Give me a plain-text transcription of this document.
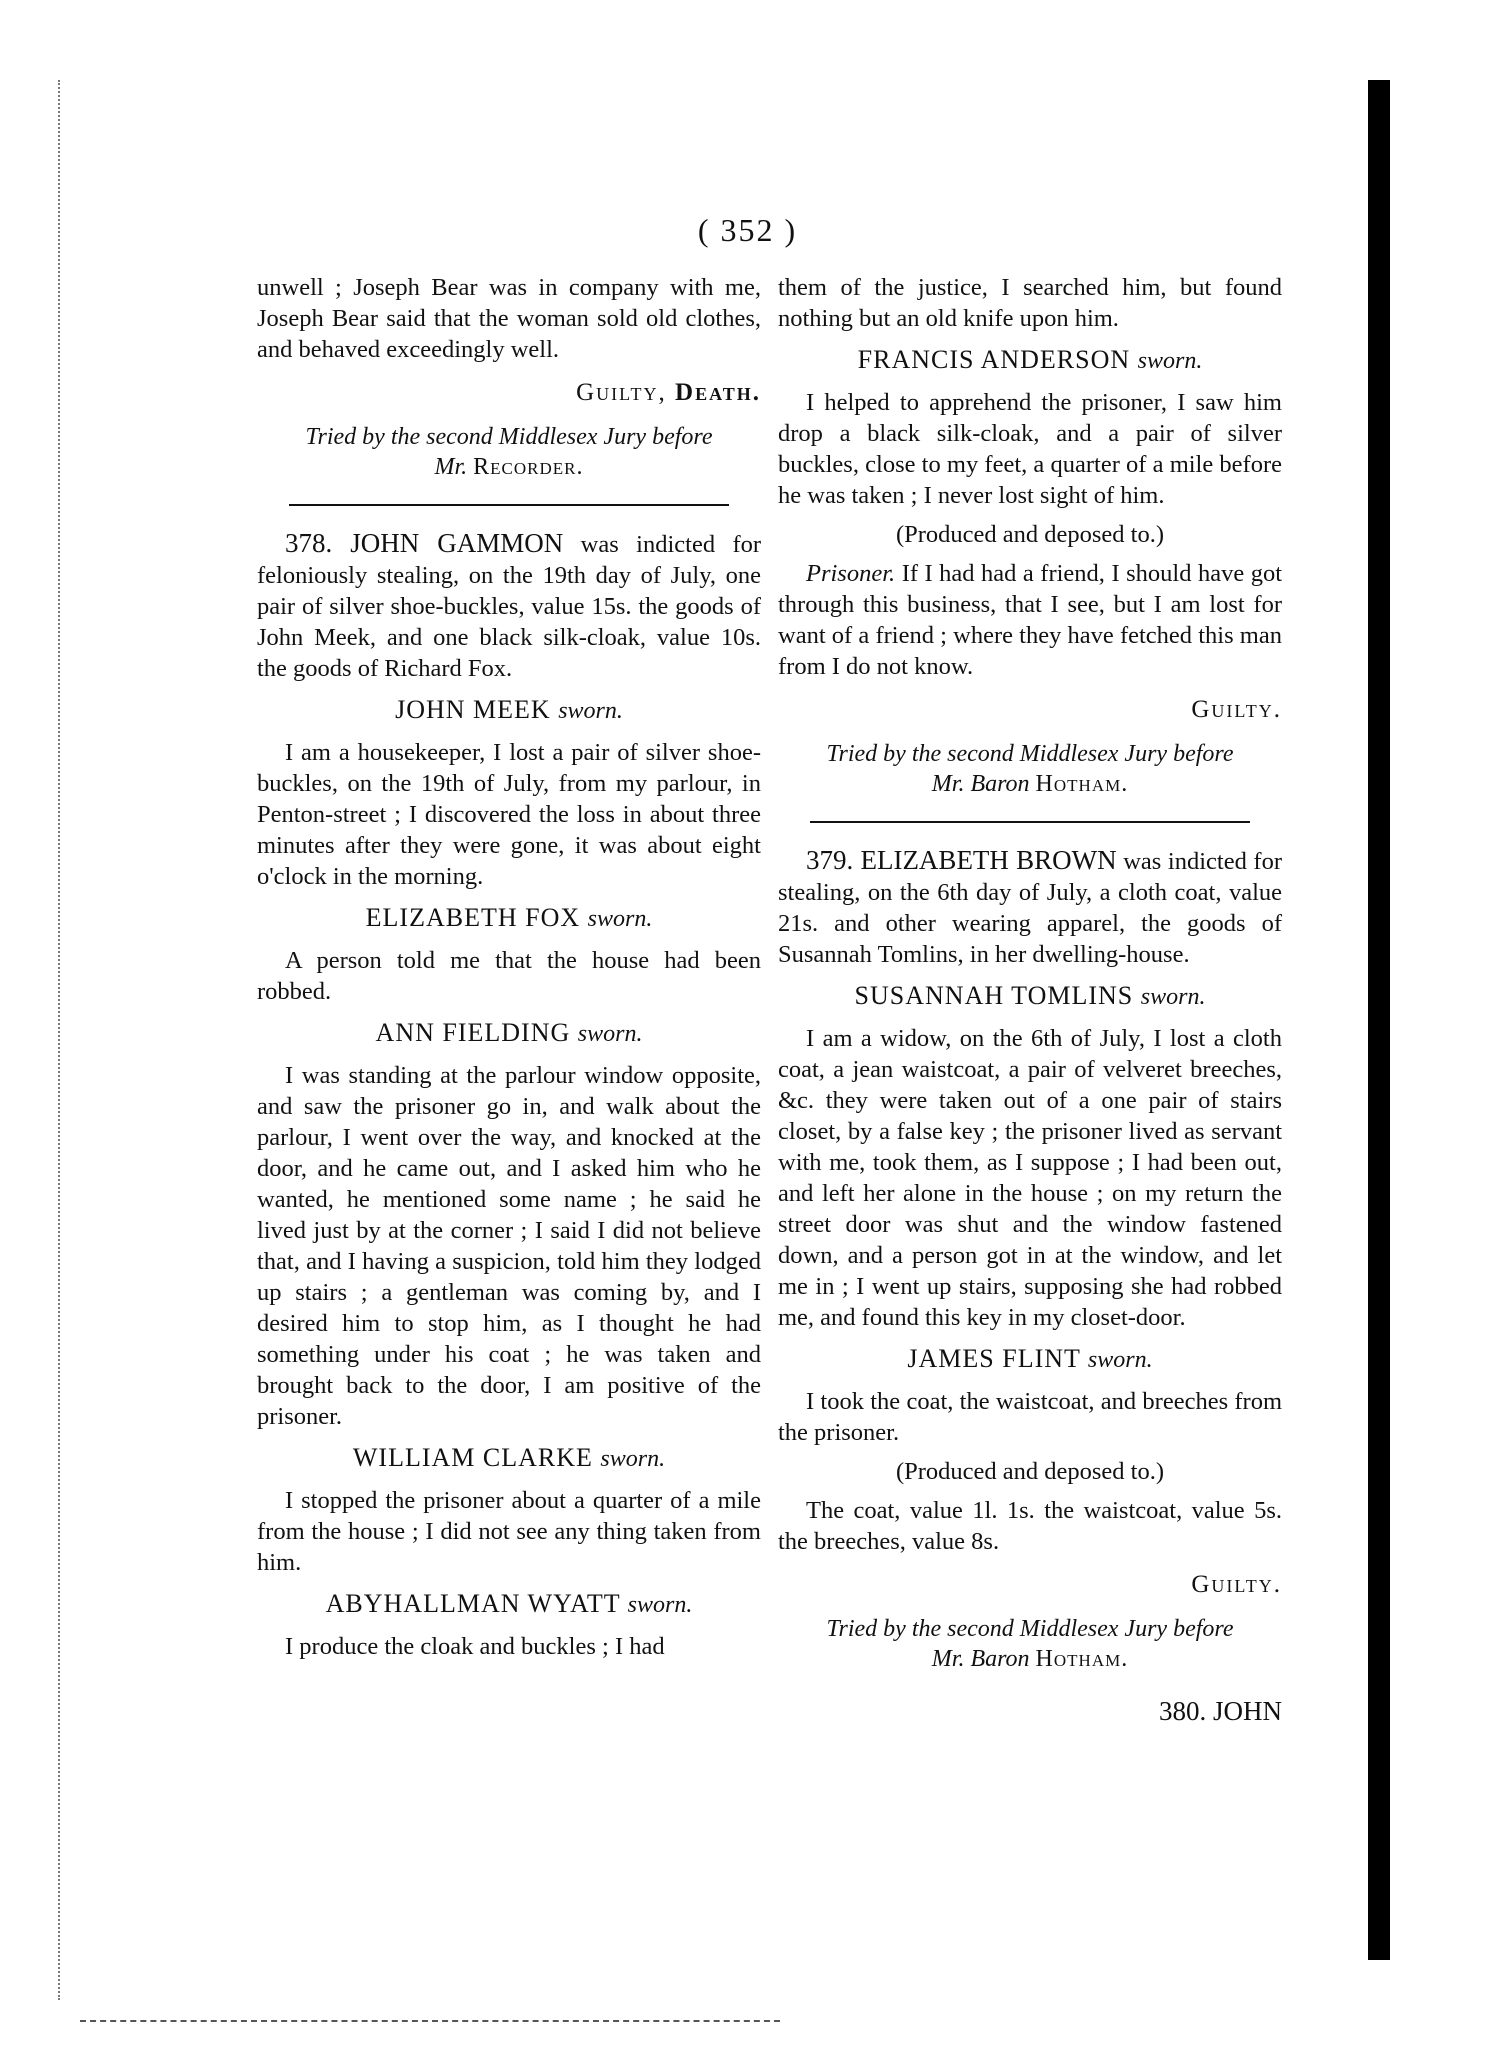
( 352 )

unwell ; Joseph Bear was in company with me, Joseph Bear said that the woman sold old clothes, and behaved exceedingly well.

Guilty, Death.
Tried by the second Middlesex Jury before
Mr. Recorder.

378. JOHN GAMMON was indicted for feloniously stealing, on the 19th day of July, one pair of silver shoe-buckles, value 15s. the goods of John Meek, and one black silk-cloak, value 10s. the goods of Richard Fox.

JOHN MEEK sworn.

I am a housekeeper, I lost a pair of silver shoe-buckles, on the 19th of July, from my parlour, in Penton-street ; I discovered the loss in about three minutes after they were gone, it was about eight o'clock in the morning.

ELIZABETH FOX sworn.

A person told me that the house had been robbed.

ANN FIELDING sworn.

I was standing at the parlour window opposite, and saw the prisoner go in, and walk about the parlour, I went over the way, and knocked at the door, and he came out, and I asked him who he wanted, he mentioned some name ; he said he lived just by at the corner ; I said I did not believe that, and I having a suspicion, told him they lodged up stairs ; a gentleman was coming by, and I desired him to stop him, as I thought he had something under his coat ; he was taken and brought back to the door, I am positive of the prisoner.

WILLIAM CLARKE sworn.

I stopped the prisoner about a quarter of a mile from the house ; I did not see any thing taken from him.

ABYHALLMAN WYATT sworn.

I produce the cloak and buckles ; I had

them of the justice, I searched him, but found nothing but an old knife upon him.

FRANCIS ANDERSON sworn.

I helped to apprehend the prisoner, I saw him drop a black silk-cloak, and a pair of silver buckles, close to my feet, a quarter of a mile before he was taken ; I never lost sight of him.

(Produced and deposed to.)

Prisoner. If I had had a friend, I should have got through this business, that I see, but I am lost for want of a friend ; where they have fetched this man from I do not know.

Guilty.
Tried by the second Middlesex Jury before
Mr. Baron Hotham.

379. ELIZABETH BROWN was indicted for stealing, on the 6th day of July, a cloth coat, value 21s. and other wearing apparel, the goods of Susannah Tomlins, in her dwelling-house.

SUSANNAH TOMLINS sworn.

I am a widow, on the 6th of July, I lost a cloth coat, a jean waistcoat, a pair of velveret breeches, &c. they were taken out of a one pair of stairs closet, by a false key ; the prisoner lived as servant with me, took them, as I suppose ; I had been out, and left her alone in the house ; on my return the street door was shut and the window fastened down, and a person got in at the window, and let me in ; I went up stairs, supposing she had robbed me, and found this key in my closet-door.

JAMES FLINT sworn.

I took the coat, the waistcoat, and breeches from the prisoner.

(Produced and deposed to.)

The coat, value 1l. 1s. the waistcoat, value 5s. the breeches, value 8s.

Guilty.
Tried by the second Middlesex Jury before
Mr. Baron Hotham.
380. JOHN
